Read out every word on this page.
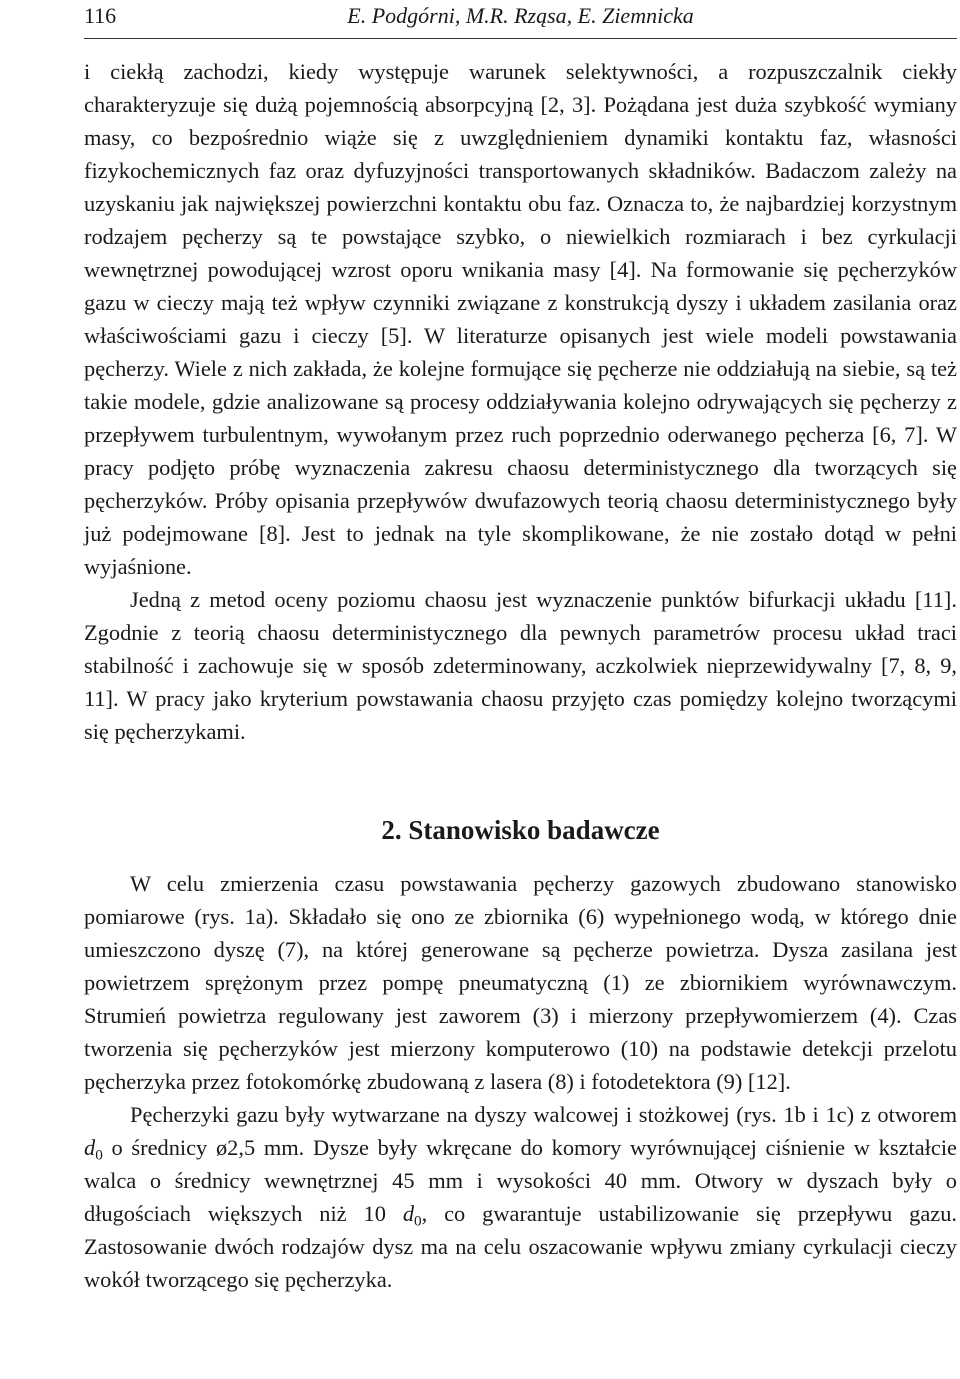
116	E. Podgórni, M.R. Rząsa, E. Ziemnicka

i ciekłą zachodzi, kiedy występuje warunek selektywności, a rozpuszczalnik ciekły charakteryzuje się dużą pojemnością absorpcyjną [2, 3]. Pożądana jest duża szybkość wymiany masy, co bezpośrednio wiąże się z uwzględnieniem dynamiki kontaktu faz, własności fizykochemicznych faz oraz dyfuzyjności transportowanych składników. Badaczom zależy na uzyskaniu jak największej powierzchni kontaktu obu faz. Oznacza to, że najbardziej korzystnym rodzajem pęcherzy są te powstające szybko, o niewielkich rozmiarach i bez cyrkulacji wewnętrznej powodującej wzrost oporu wnikania masy [4]. Na formowanie się pęcherzyków gazu w cieczy mają też wpływ czynniki związane z konstrukcją dyszy i układem zasilania oraz właściwościami gazu i cieczy [5]. W literaturze opisanych jest wiele modeli powstawania pęcherzy. Wiele z nich zakłada, że kolejne formujące się pęcherze nie oddziałują na siebie, są też takie modele, gdzie analizowane są procesy oddziaływania kolejno odrywających się pęcherzy z przepływem turbulentnym, wywołanym przez ruch poprzednio oderwanego pęcherza [6, 7]. W pracy podjęto próbę wyznaczenia zakresu chaosu deterministycznego dla tworzących się pęcherzyków. Próby opisania przepływów dwufazowych teorią chaosu deterministycznego były już podejmowane [8]. Jest to jednak na tyle skomplikowane, że nie zostało dotąd w pełni wyjaśnione.

Jedną z metod oceny poziomu chaosu jest wyznaczenie punktów bifurkacji układu [11]. Zgodnie z teorią chaosu deterministycznego dla pewnych parametrów procesu układ traci stabilność i zachowuje się w sposób zdeterminowany, aczkolwiek nieprzewidywalny [7, 8, 9, 11]. W pracy jako kryterium powstawania chaosu przyjęto czas pomiędzy kolejno tworzącymi się pęcherzykami.

2. Stanowisko badawcze

W celu zmierzenia czasu powstawania pęcherzy gazowych zbudowano stanowisko pomiarowe (rys. 1a). Składało się ono ze zbiornika (6) wypełnionego wodą, w którego dnie umieszczono dyszę (7), na której generowane są pęcherze powietrza. Dysza zasilana jest powietrzem sprężonym przez pompę pneumatyczną (1) ze zbiornikiem wyrównawczym. Strumień powietrza regulowany jest zaworem (3) i mierzony przepływomierzem (4). Czas tworzenia się pęcherzyków jest mierzony komputerowo (10) na podstawie detekcji przelotu pęcherzyka przez fotokomórkę zbudowaną z lasera (8) i fotodetektora (9) [12].

Pęcherzyki gazu były wytwarzane na dyszy walcowej i stożkowej (rys. 1b i 1c) z otworem $d_0$ o średnicy ø2,5 mm. Dysze były wkręcane do komory wyrównującej ciśnienie w kształcie walca o średnicy wewnętrznej 45 mm i wysokości 40 mm. Otwory w dyszach były o długościach większych niż 10 $d_0$, co gwarantuje ustabilizowanie się przepływu gazu. Zastosowanie dwóch rodzajów dysz ma na celu oszacowanie wpływu zmiany cyrkulacji cieczy wokół tworzącego się pęcherzyka.
